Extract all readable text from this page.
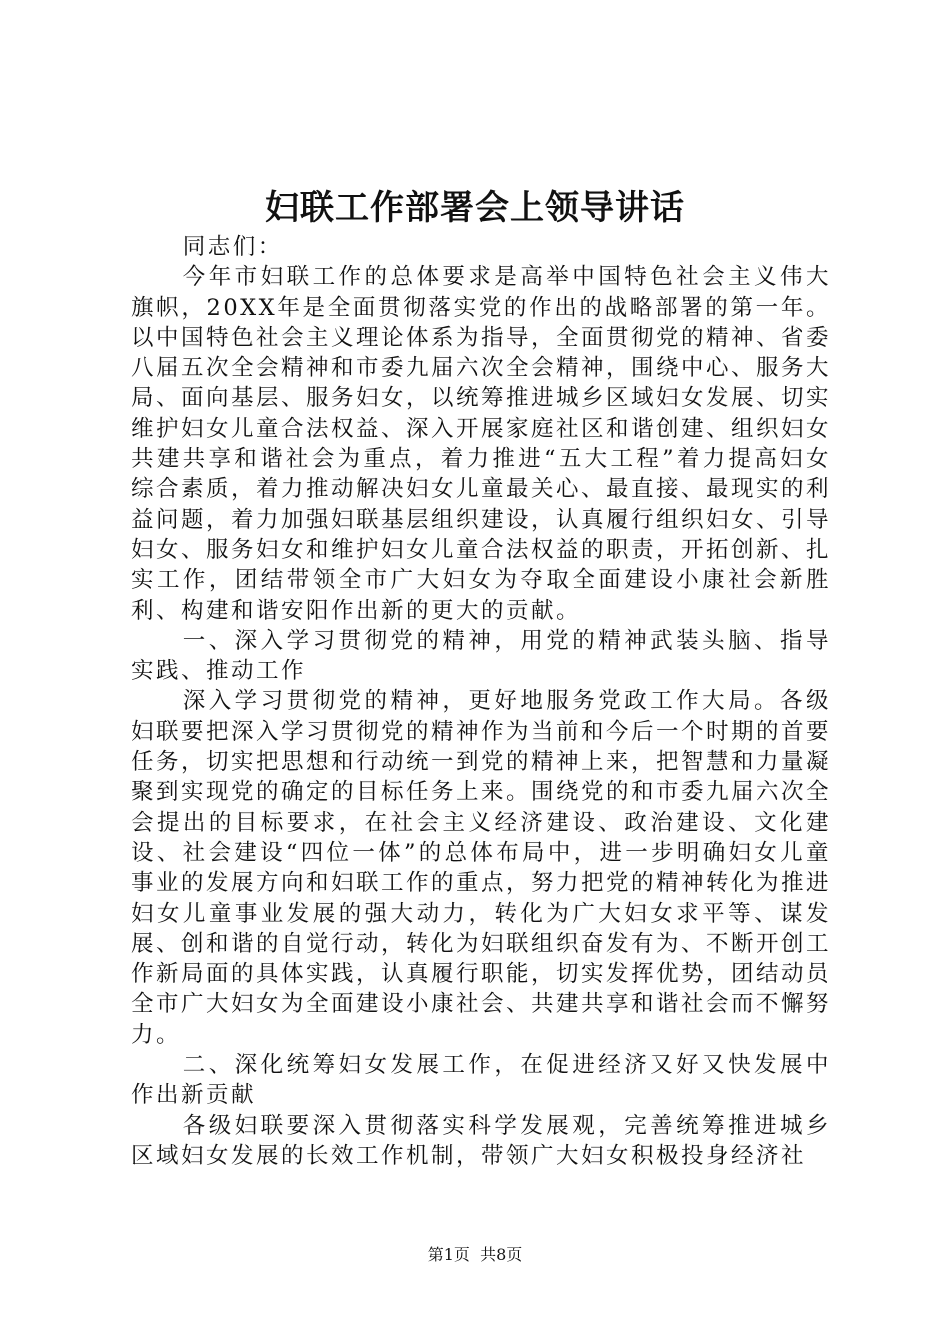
妇联工作部署会上领导讲话

同志们：

今年市妇联工作的总体要求是高举中国特色社会主义伟大旗帜，20XX年是全面贯彻落实党的作出的战略部署的第一年。以中国特色社会主义理论体系为指导，全面贯彻党的精神、省委八届五次全会精神和市委九届六次全会精神，围绕中心、服务大局、面向基层、服务妇女，以统筹推进城乡区域妇女发展、切实维护妇女儿童合法权益、深入开展家庭社区和谐创建、组织妇女共建共享和谐社会为重点，着力推进“五大工程”着力提高妇女综合素质，着力推动解决妇女儿童最关心、最直接、最现实的利益问题，着力加强妇联基层组织建设，认真履行组织妇女、引导妇女、服务妇女和维护妇女儿童合法权益的职责，开拓创新、扎实工作，团结带领全市广大妇女为夺取全面建设小康社会新胜利、构建和谐安阳作出新的更大的贡献。

一、深入学习贯彻党的精神，用党的精神武装头脑、指导实践、推动工作

深入学习贯彻党的精神，更好地服务党政工作大局。各级妇联要把深入学习贯彻党的精神作为当前和今后一个时期的首要任务，切实把思想和行动统一到党的精神上来，把智慧和力量凝聚到实现党的确定的目标任务上来。围绕党的和市委九届六次全会提出的目标要求，在社会主义经济建设、政治建设、文化建设、社会建设“四位一体”的总体布局中，进一步明确妇女儿童事业的发展方向和妇联工作的重点，努力把党的精神转化为推进妇女儿童事业发展的强大动力，转化为广大妇女求平等、谋发展、创和谐的自觉行动，转化为妇联组织奋发有为、不断开创工作新局面的具体实践，认真履行职能，切实发挥优势，团结动员全市广大妇女为全面建设小康社会、共建共享和谐社会而不懈努力。

二、深化统筹妇女发展工作，在促进经济又好又快发展中作出新贡献

各级妇联要深入贯彻落实科学发展观，完善统筹推进城乡区域妇女发展的长效工作机制，带领广大妇女积极投身经济社

第1页  共8页
